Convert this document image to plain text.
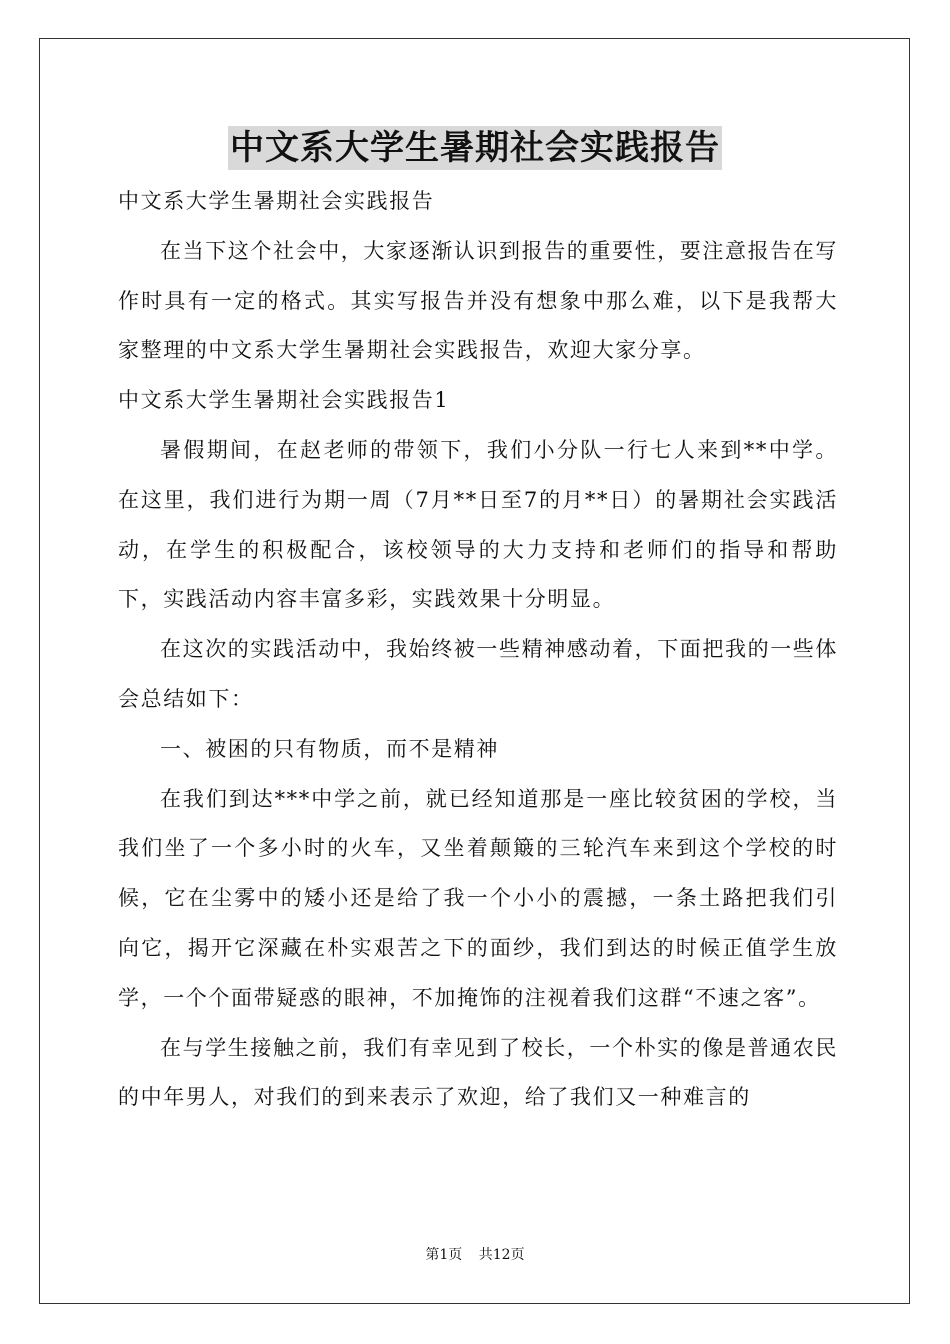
中文系大学生暑期社会实践报告

中文系大学生暑期社会实践报告

在当下这个社会中，大家逐渐认识到报告的重要性，要注意报告在写作时具有一定的格式。其实写报告并没有想象中那么难，以下是我帮大家整理的中文系大学生暑期社会实践报告，欢迎大家分享。

中文系大学生暑期社会实践报告1

暑假期间，在赵老师的带领下，我们小分队一行七人来到**中学。在这里，我们进行为期一周（7月**日至7的月**日）的暑期社会实践活动，在学生的积极配合，该校领导的大力支持和老师们的指导和帮助下，实践活动内容丰富多彩，实践效果十分明显。

在这次的实践活动中，我始终被一些精神感动着，下面把我的一些体会总结如下：

一、被困的只有物质，而不是精神

在我们到达***中学之前，就已经知道那是一座比较贫困的学校，当我们坐了一个多小时的火车，又坐着颠簸的三轮汽车来到这个学校的时候，它在尘雾中的矮小还是给了我一个小小的震撼，一条土路把我们引向它，揭开它深藏在朴实艰苦之下的面纱，我们到达的时候正值学生放学，一个个面带疑惑的眼神，不加掩饰的注视着我们这群“不速之客”。

在与学生接触之前，我们有幸见到了校长，一个朴实的像是普通农民的中年男人，对我们的到来表示了欢迎，给了我们又一种难言的

第1页 共12页
